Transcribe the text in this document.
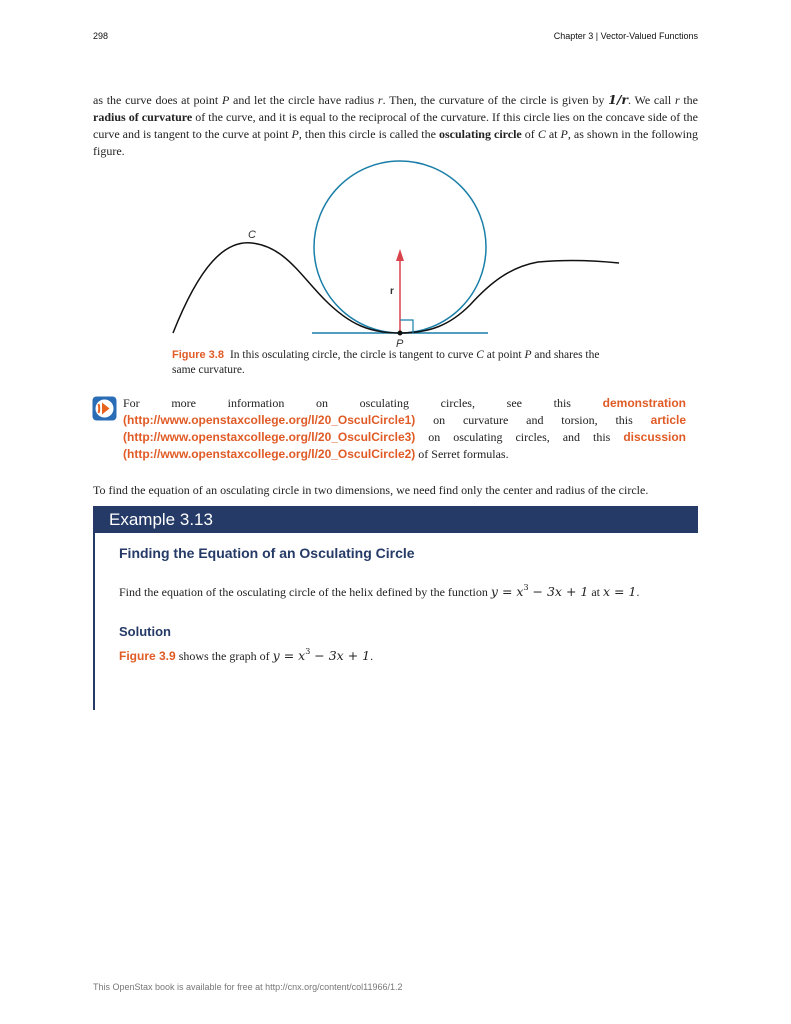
298	Chapter 3 | Vector-Valued Functions
as the curve does at point P and let the circle have radius r. Then, the curvature of the circle is given by 1/r. We call r the radius of curvature of the curve, and it is equal to the reciprocal of the curvature. If this circle lies on the concave side of the curve and is tangent to the curve at point P, then this circle is called the osculating circle of C at P, as shown in the following figure.
C
r
P
Figure 3.8 In this osculating circle, the circle is tangent to curve C at point P and shares the same curvature.
For more information on osculating circles, see this demonstration (http://www.openstaxcollege.org/l/20_OsculCircle1) on curvature and torsion, this article (http://www.openstaxcollege.org/l/20_OsculCircle3) on osculating circles, and this discussion (http://www.openstaxcollege.org/l/20_OsculCircle2) of Serret formulas.
To find the equation of an osculating circle in two dimensions, we need find only the center and radius of the circle.
Example 3.13
Finding the Equation of an Osculating Circle
Find the equation of the osculating circle of the helix defined by the function $y = x^3 - 3x + 1$ at x = 1.
Solution
Figure 3.9 shows the graph of $y = x^3 - 3x + 1$.
This OpenStax book is available for free at http://cnx.org/content/col11966/1.2
